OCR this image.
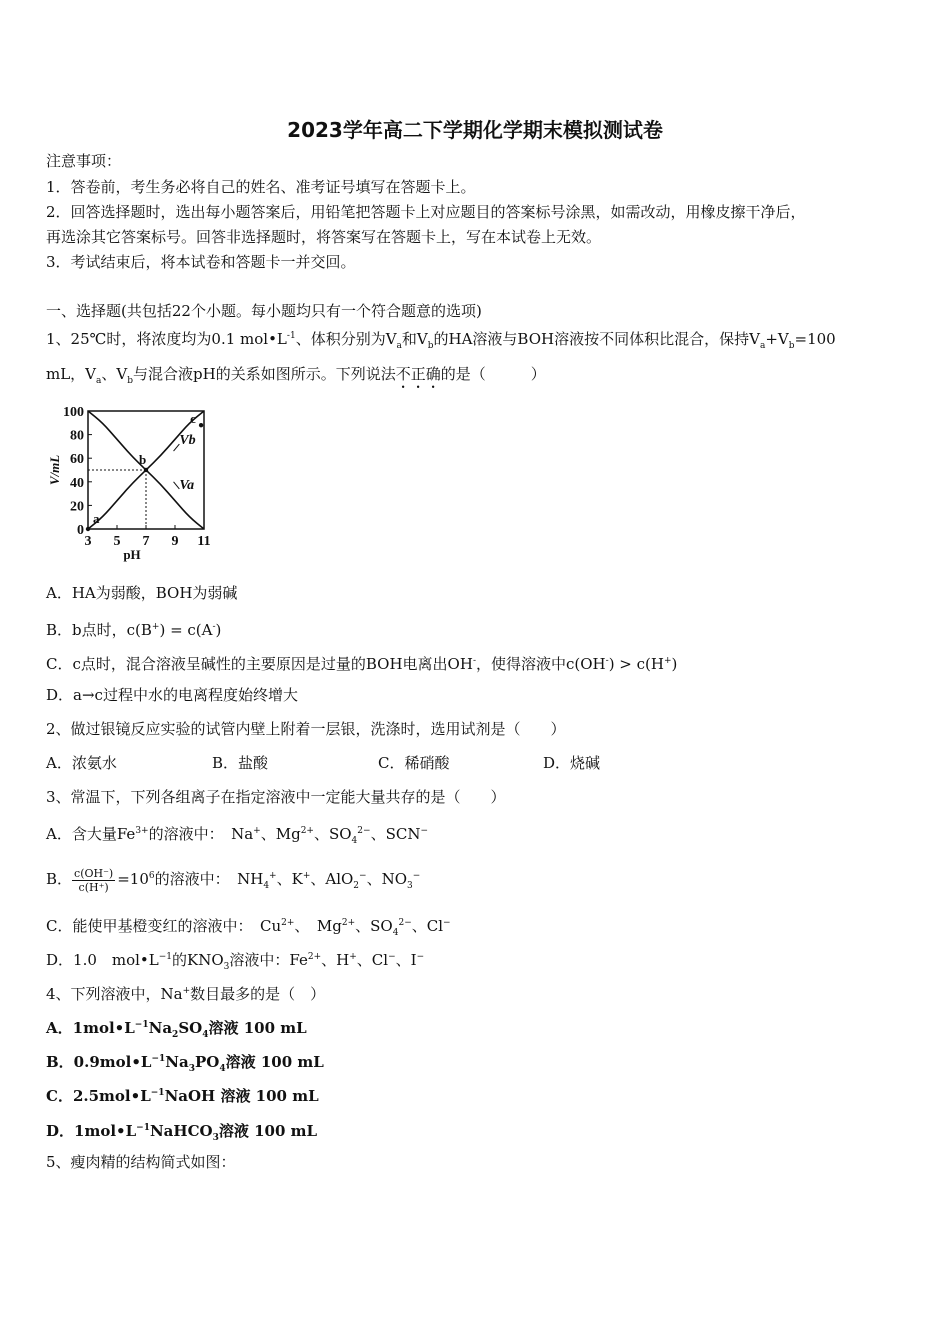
2023学年高二下学期化学期末模拟测试卷
注意事项：
1．答卷前，考生务必将自己的姓名、准考证号填写在答题卡上。
2．回答选择题时，选出每小题答案后，用铅笔把答题卡上对应题目的答案标号涂黑，如需改动，用橡皮擦干净后，
再选涂其它答案标号。回答非选择题时，将答案写在答题卡上，写在本试卷上无效。
3．考试结束后，将本试卷和答题卡一并交回。
一、选择题(共包括22个小题。每小题均只有一个符合题意的选项)
1、25℃时，将浓度均为0.1 $mol•L^{-1}$、体积分别为$V_a$和$V_b$的HA溶液与BOH溶液按不同体积比混合，保持$V_a+V_b=100$
mL，$V_a$、$V_b$与混合液pH的关系如图所示。下列说法不正确的是（　　　）
0
20
40
60
80
100
3 5 7 9 11
pH
V/mL
Vb
Va
a
b
c
A．HA为弱酸，BOH为弱碱
B．b点时，c(B+) = c(A-)
C．c点时，混合溶液呈碱性的主要原因是过量的BOH电离出OH-，使得溶液中c(OH-) > c(H+)
D．a→c过程中水的电离程度始终增大
2、做过银镜反应实验的试管内壁上附着一层银，洗涤时，选用试剂是（　　）
A．浓氨水	B．盐酸	C．稀硝酸	D．烧碱
3、常温下，下列各组离子在指定溶液中一定能大量共存的是（　　）
A．含大量$Fe^{3+}$的溶液中：　Na+、$Mg^{2+}$、$SO_4^{2-}$、SCN−
B． $\frac{c(OH^-)}{c(H^+)} =10^6$的溶液中：　$NH_4^+$、K+、AlO$_2$−、$NO_3^-$
C．能使甲基橙变红的溶液中：　$Cu^{2+}$、　$Mg^{2+}$、$SO_4^{2-}$、Cl−
D．1.0　$mol•L^{-1}$的$KNO_3$溶液中：$Fe^{2+}$、H+、Cl−、I−
4、下列溶液中，Na+数目最多的是（　）
A．$1mol•L^{-1}Na_2SO_4$溶液 100 mL
B．$0.9mol•L^{-1}Na_3PO_4$溶液 100 mL
C．$2.5mol•L^{-1}NaOH$ 溶液 100 mL
D．$1mol•L^{-1}NaHCO_3$溶液 100 mL
5、瘦肉精的结构简式如图：
